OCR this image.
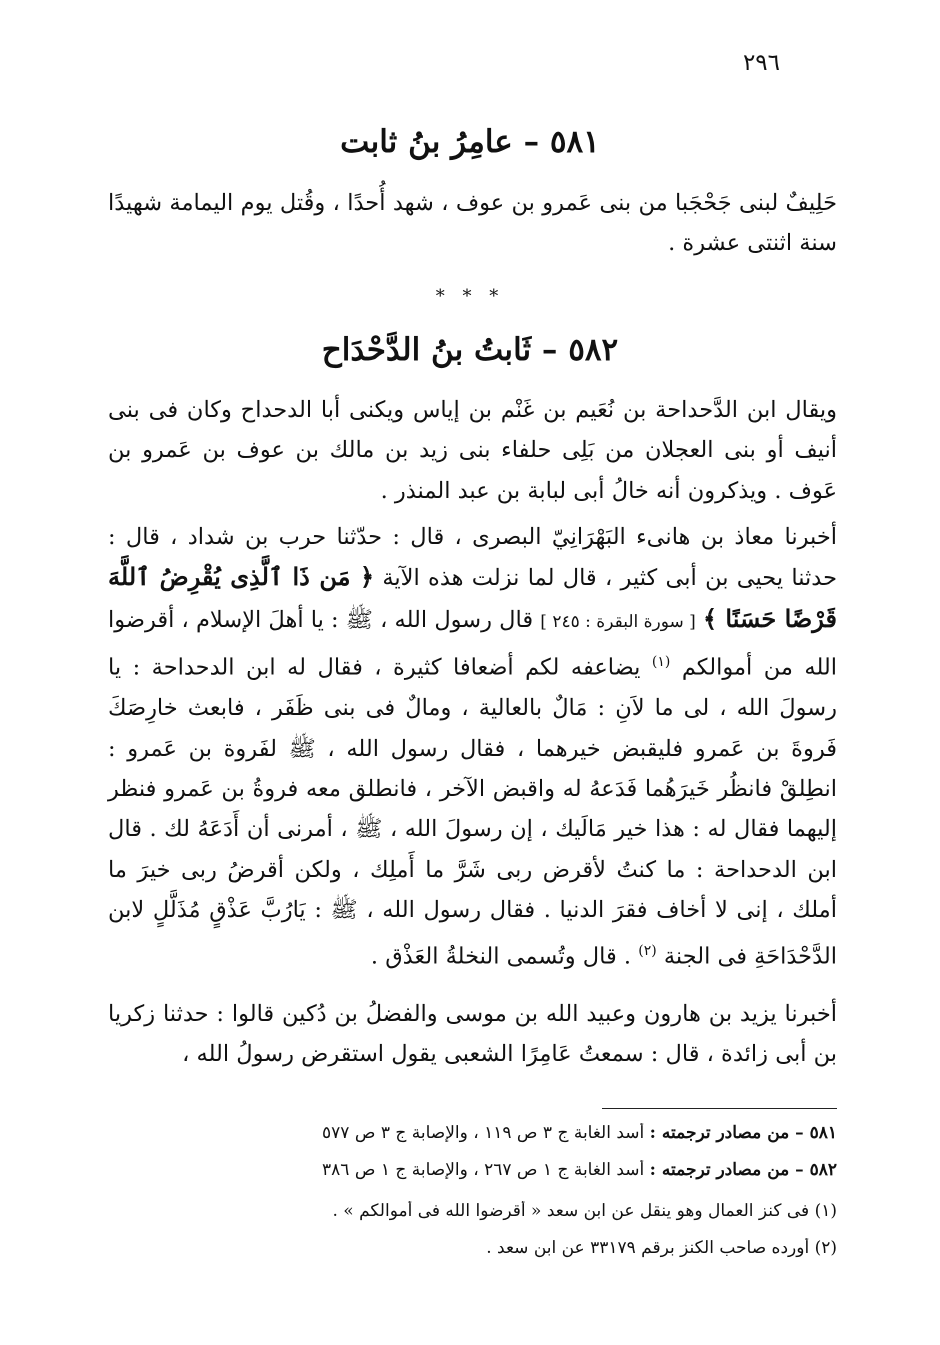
٢٩٦
٥٨١ – عامِرُ بنُ ثابت

حَلِيفٌ لبنى جَحْجَبا من بنى عَمرو بن عوف ، شهد أُحدًا ، وقُتل يوم اليمامة شهيدًا سنة اثنتى عشرة .

* * *
٥٨٢ – ثَابتُ بنُ الدَّحْدَاح

ويقال ابن الدَّحداحة بن نُعَيم بن غَنْم بن إياس ويكنى أبا الدحداح وكان فى بنى أنيف أو بنى العجلان من بَلِى حلفاء بنى زيد بن مالك بن عوف بن عَمرو بن عَوف . ويذكرون أنه خالُ أبى لبابة بن عبد المنذر .

أخبرنا معاذ بن هانىء البَهْرَانِيّ البصرى ، قال : حدّثنا حرب بن شداد ، قال : حدثنا يحيى بن أبى كثير ، قال لما نزلت هذه الآية ﴿ مَن ذَا ٱلَّذِى يُقْرِضُ ٱللَّهَ قَرْضًا حَسَنًا ﴾ [ سورة البقرة : ٢٤٥ ] قال رسول الله ، ﷺ : يا أهلَ الإسلام ، أقرضوا الله من أموالكم $^{(١)}$ يضاعفه لكم أضعافا كثيرة ، فقال له ابن الدحداحة : يا رسولَ الله ، لى ما لاَنِ : مَالٌ بالعالية ، ومالٌ فى بنى ظَفَر ، فابعث خارِصَكَ فَروةَ بن عَمرو فليقبض خيرهما ، فقال رسول الله ، ﷺ لفَروة بن عَمرو : انطِلقْ فانظُر خَيرَهُما فَدَعهُ له واقبض الآخر ، فانطلق معه فروةُ بن عَمرو فنظر إليهما فقال له : هذا خير مَالَيك ، إن رسولَ الله ، ﷺ ، أمرنى أن أَدَعَهُ لك . قال ابن الدحداحة : ما كنتُ لأقرض ربى شَرَّ ما أَملِك ، ولكن أقرضُ ربى خيرَ ما أملك ، إنى لا أخاف فقرَ الدنيا . فقال رسول الله ، ﷺ : يَارُبَّ عَذْقٍ مُذَلَّلٍ لابن الدَّحْدَاحَةِ فى الجنة $^{(٢)}$ . قال وتُسمى النخلةُ العَذْق .

أخبرنا يزيد بن هارون وعبيد الله بن موسى والفضلُ بن دُكين قالوا : حدثنا زكريا بن أبى زائدة ، قال : سمعتُ عَامِرًا الشعبى يقول استقرض رسولُ الله ،

٥٨١ – من مصادر ترجمته : أسد الغابة ج ٣ ص ١١٩ ، والإصابة ج ٣ ص ٥٧٧

٥٨٢ – من مصادر ترجمته : أسد الغابة ج ١ ص ٢٦٧ ، والإصابة ج ١ ص ٣٨٦

(١) فى كنز العمال وهو ينقل عن ابن سعد « أقرضوا الله فى أموالكم » .

(٢) أورده صاحب الكنز برقم ٣٣١٧٩ عن ابن سعد .
